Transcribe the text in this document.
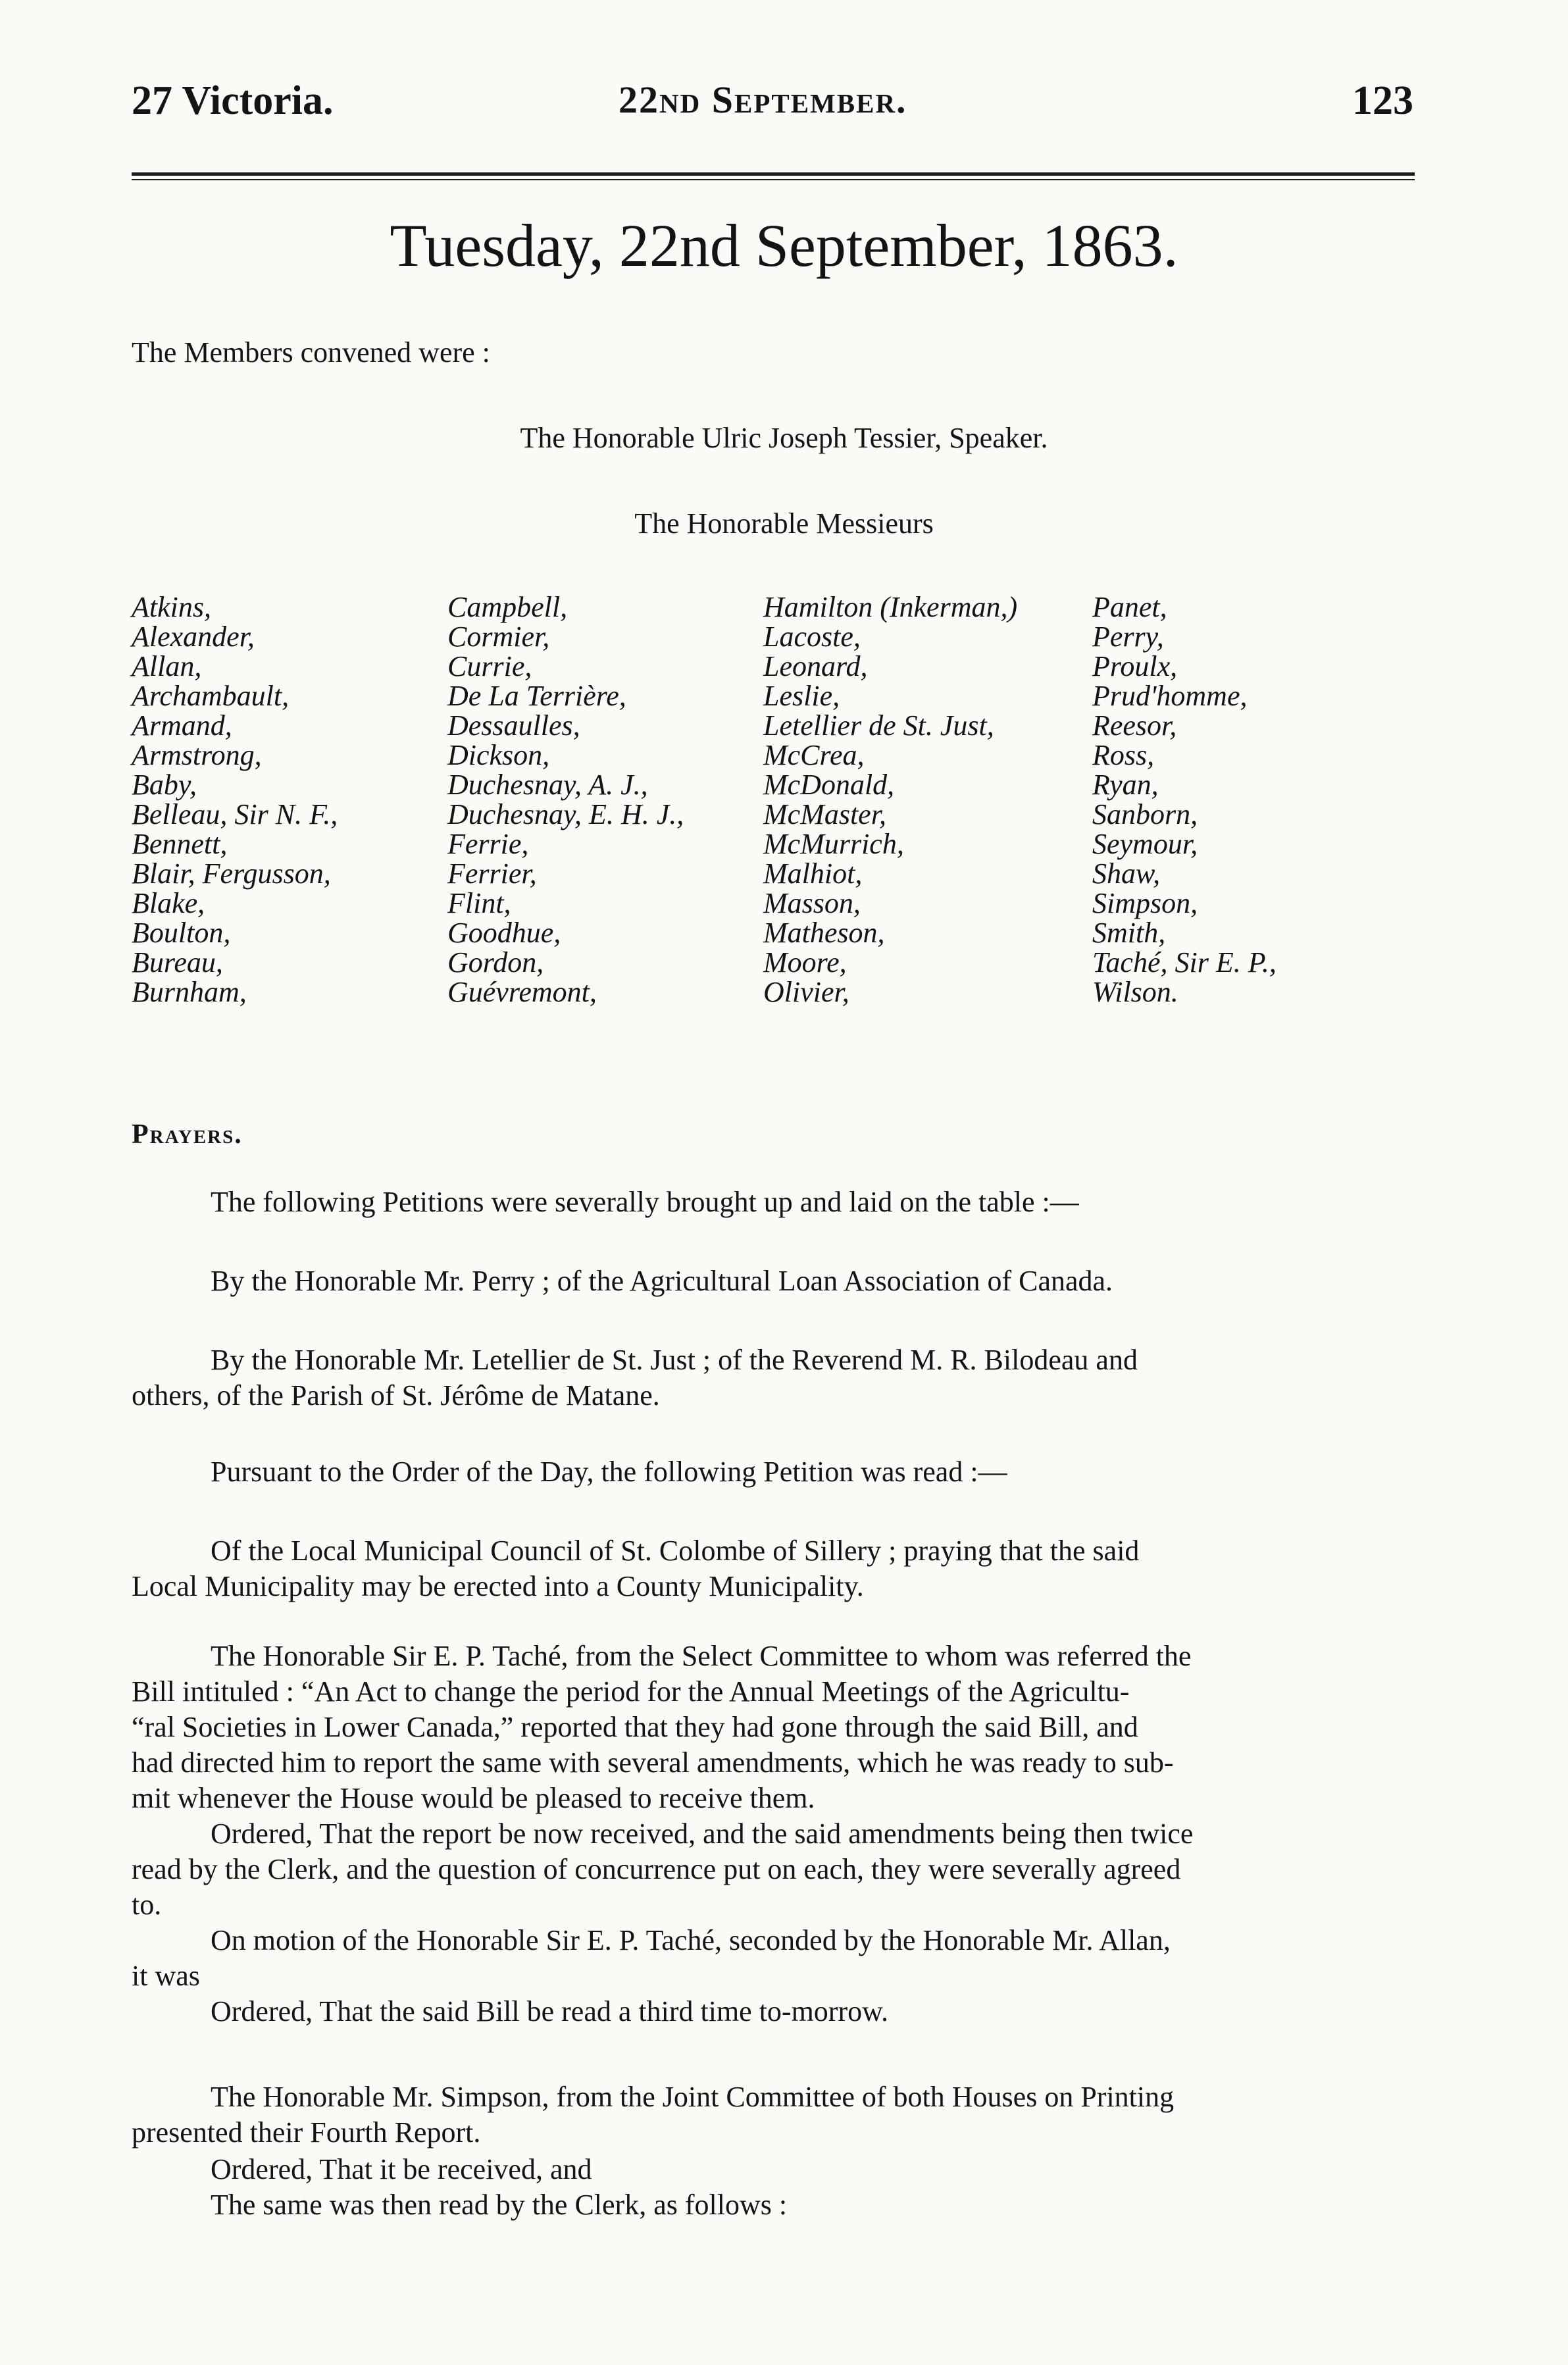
27 Victoria.	22nd September.	123
Tuesday, 22nd September, 1863.
The Members convened were :
The Honorable Ulric Joseph Tessier, Speaker.
The Honorable Messieurs
Atkins,
Alexander,
Allan,
Archambault,
Armand,
Armstrong,
Baby,
Belleau, Sir N. F.,
Bennett,
Blair, Fergusson,
Blake,
Boulton,
Bureau,
Burnham,
Campbell,
Cormier,
Currie,
De La Terrière,
Dessaulles,
Dickson,
Duchesnay, A. J.,
Duchesnay, E. H. J.,
Ferrie,
Ferrier,
Flint,
Goodhue,
Gordon,
Guévremont,
Hamilton (Inkerman,)
Lacoste,
Leonard,
Leslie,
Letellier de St. Just,
McCrea,
McDonald,
McMaster,
McMurrich,
Malhiot,
Masson,
Matheson,
Moore,
Olivier,
Panet,
Perry,
Proulx,
Prud'homme,
Reesor,
Ross,
Ryan,
Sanborn,
Seymour,
Shaw,
Simpson,
Smith,
Taché, Sir E. P.,
Wilson.
Prayers.
The following Petitions were severally brought up and laid on the table :—
By the Honorable Mr. Perry ; of the Agricultural Loan Association of Canada.
By the Honorable Mr. Letellier de St. Just ; of the Reverend M. R. Bilodeau and
others, of the Parish of St. Jérôme de Matane.
Pursuant to the Order of the Day, the following Petition was read :—
Of the Local Municipal Council of St. Colombe of Sillery ; praying that the said
Local Municipality may be erected into a County Municipality.
The Honorable Sir E. P. Taché, from the Select Committee to whom was referred the
Bill intituled : “An Act to change the period for the Annual Meetings of the Agricultu-
“ral Societies in Lower Canada,” reported that they had gone through the said Bill, and
had directed him to report the same with several amendments, which he was ready to sub-
mit whenever the House would be pleased to receive them.
Ordered, That the report be now received, and the said amendments being then twice
read by the Clerk, and the question of concurrence put on each, they were severally agreed
to.
On motion of the Honorable Sir E. P. Taché, seconded by the Honorable Mr. Allan,
it was
Ordered, That the said Bill be read a third time to-morrow.
The Honorable Mr. Simpson, from the Joint Committee of both Houses on Printing
presented their Fourth Report.
Ordered, That it be received, and
The same was then read by the Clerk, as follows :
